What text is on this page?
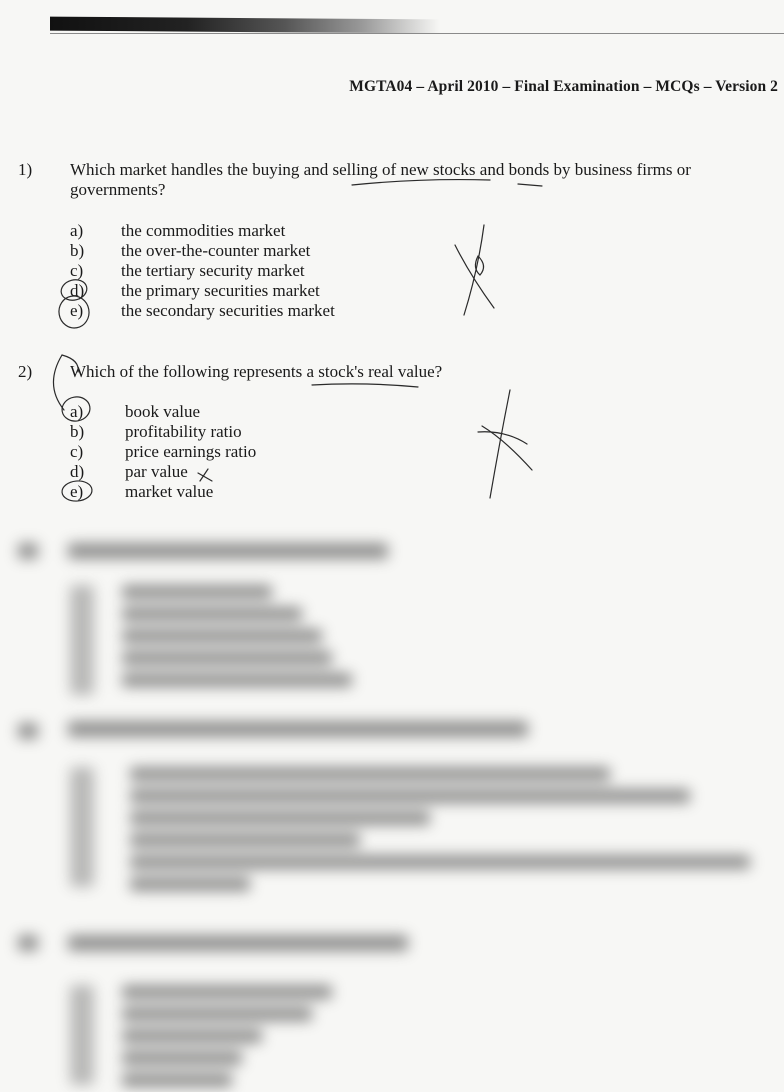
MGTA04 – April 2010 – Final Examination – MCQs – Version 2
1) Which market handles the buying and selling of new stocks and bonds by business firms or governments?
a)	the commodities market
b)	the over-the-counter market
c)	the tertiary security market
d)	the primary securities market
e)	the secondary securities market
2) Which of the following represents a stock's real value?
a)	book value
b)	profitability ratio
c)	price earnings ratio
d)	par value
e)	market value
